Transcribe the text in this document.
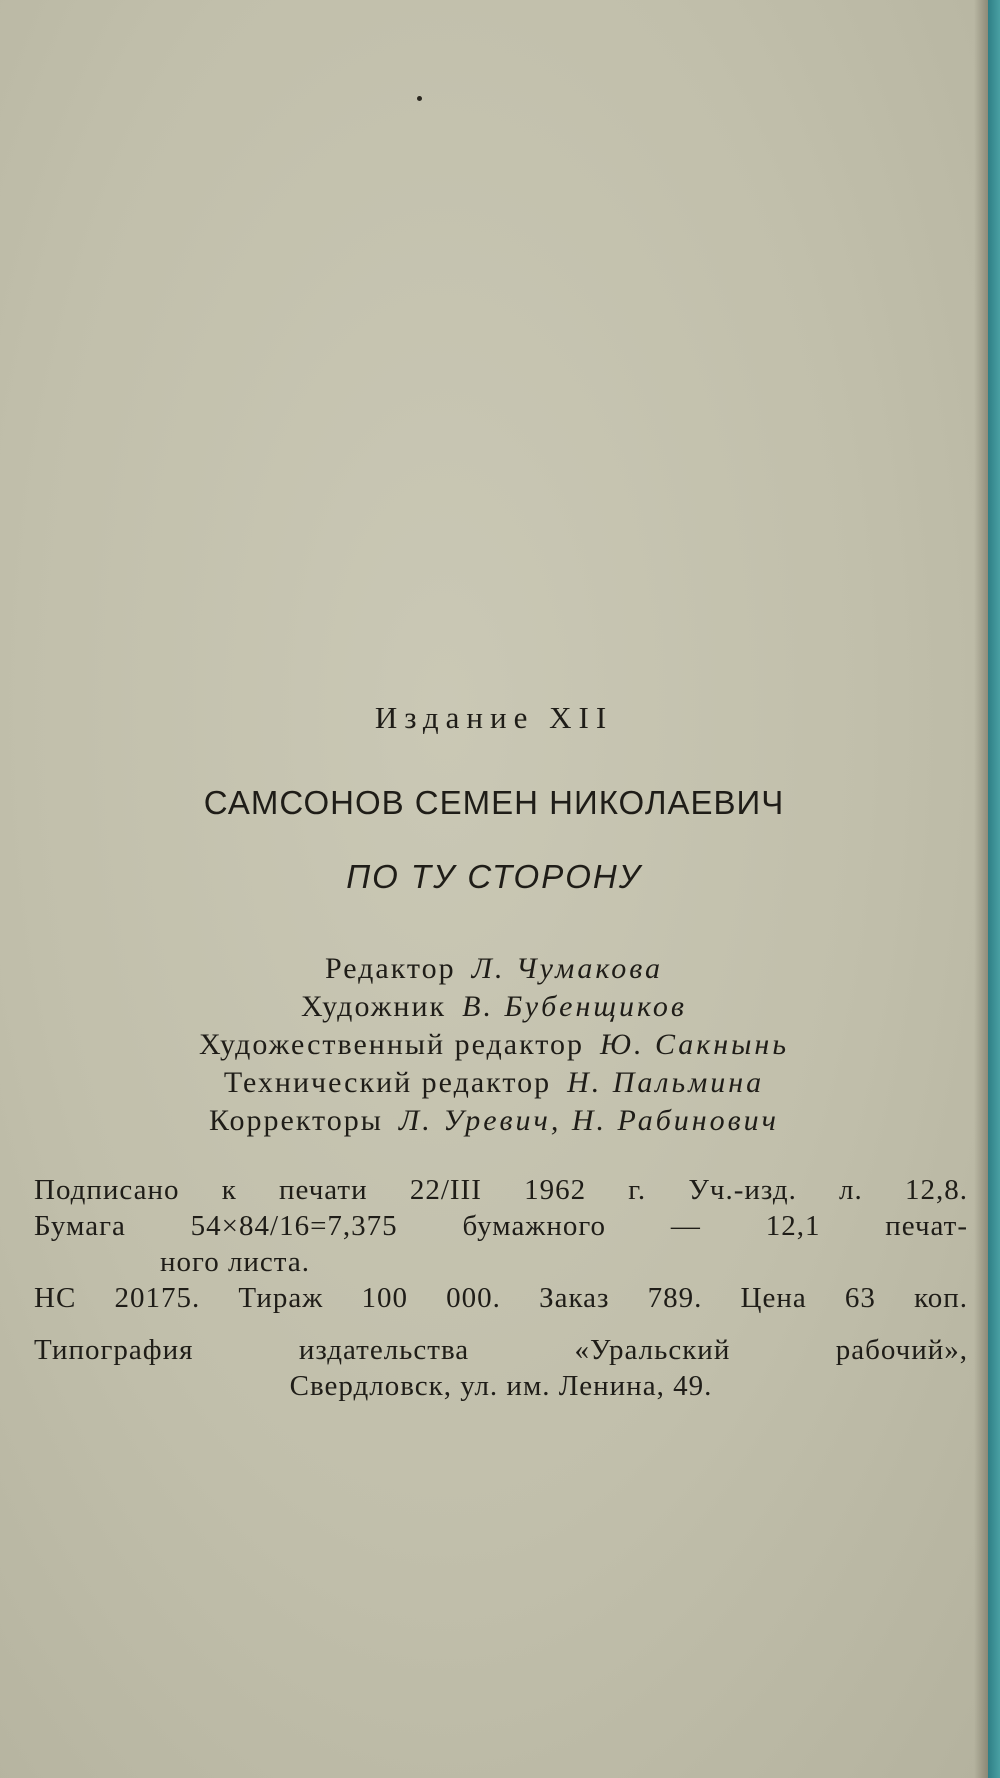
Издание XII
САМСОНОВ СЕМЕН НИКОЛАЕВИЧ
ПО ТУ СТОРОНУ
Редактор Л. Чумакова
Художник В. Бубенщиков
Художественный редактор Ю. Сакнынь
Технический редактор Н. Пальмина
Корректоры Л. Уревич, Н. Рабинович
Подписано к печати 22/III 1962 г. Уч.-изд. л. 12,8.
Бумага 54×84/16=7,375 бумажного — 12,1 печат-
ного листа.
НС 20175. Тираж 100 000. Заказ 789. Цена 63 коп.
Типография издательства «Уральский рабочий»,
Свердловск, ул. им. Ленина, 49.
